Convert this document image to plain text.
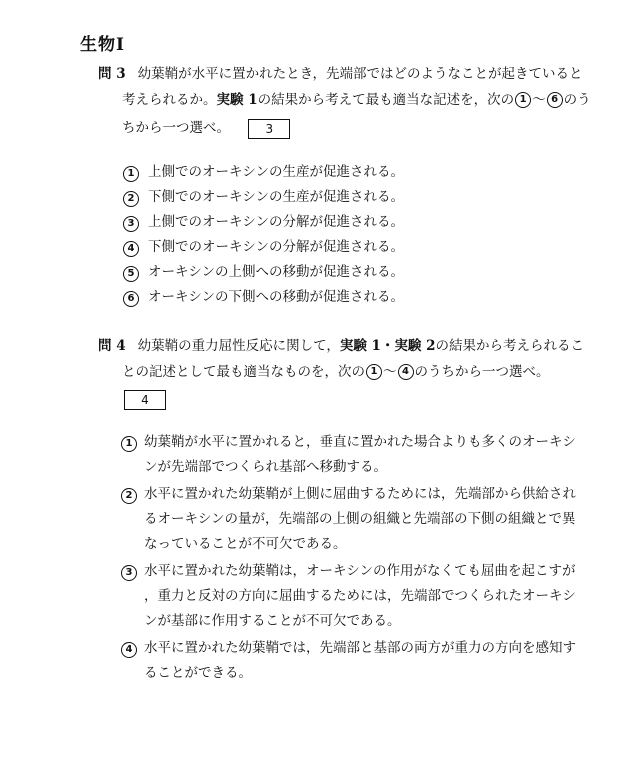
生物Ⅰ
問 3 幼葉鞘が水平に置かれたとき，先端部ではどのようなことが起きていると
考えられるか。実験 1の結果から考えて最も適当な記述を，次の 1 〜 6 のう
ちから一つ選べ。	3
1	上側でのオーキシンの生産が促進される。
2	下側でのオーキシンの生産が促進される。
3	上側でのオーキシンの分解が促進される。
4	下側でのオーキシンの分解が促進される。
5	オーキシンの上側への移動が促進される。
6	オーキシンの下側への移動が促進される。
問 4 幼葉鞘の重力屈性反応に関して，実験 1・実験 2の結果から考えられるこ
との記述として最も適当なものを，次の 1 〜 4 のうちから一つ選べ。
4
1 幼葉鞘が水平に置かれると，垂直に置かれた場合よりも多くのオーキシ
ンが先端部でつくられ基部へ移動する。
2 水平に置かれた幼葉鞘が上側に屈曲するためには，先端部から供給され
るオーキシンの量が，先端部の上側の組織と先端部の下側の組織とで異
なっていることが不可欠である。
3 水平に置かれた幼葉鞘は，オーキシンの作用がなくても屈曲を起こすが
，重力と反対の方向に屈曲するためには，先端部でつくられたオーキシ
ンが基部に作用することが不可欠である。
4 水平に置かれた幼葉鞘では，先端部と基部の両方が重力の方向を感知す
ることができる。
